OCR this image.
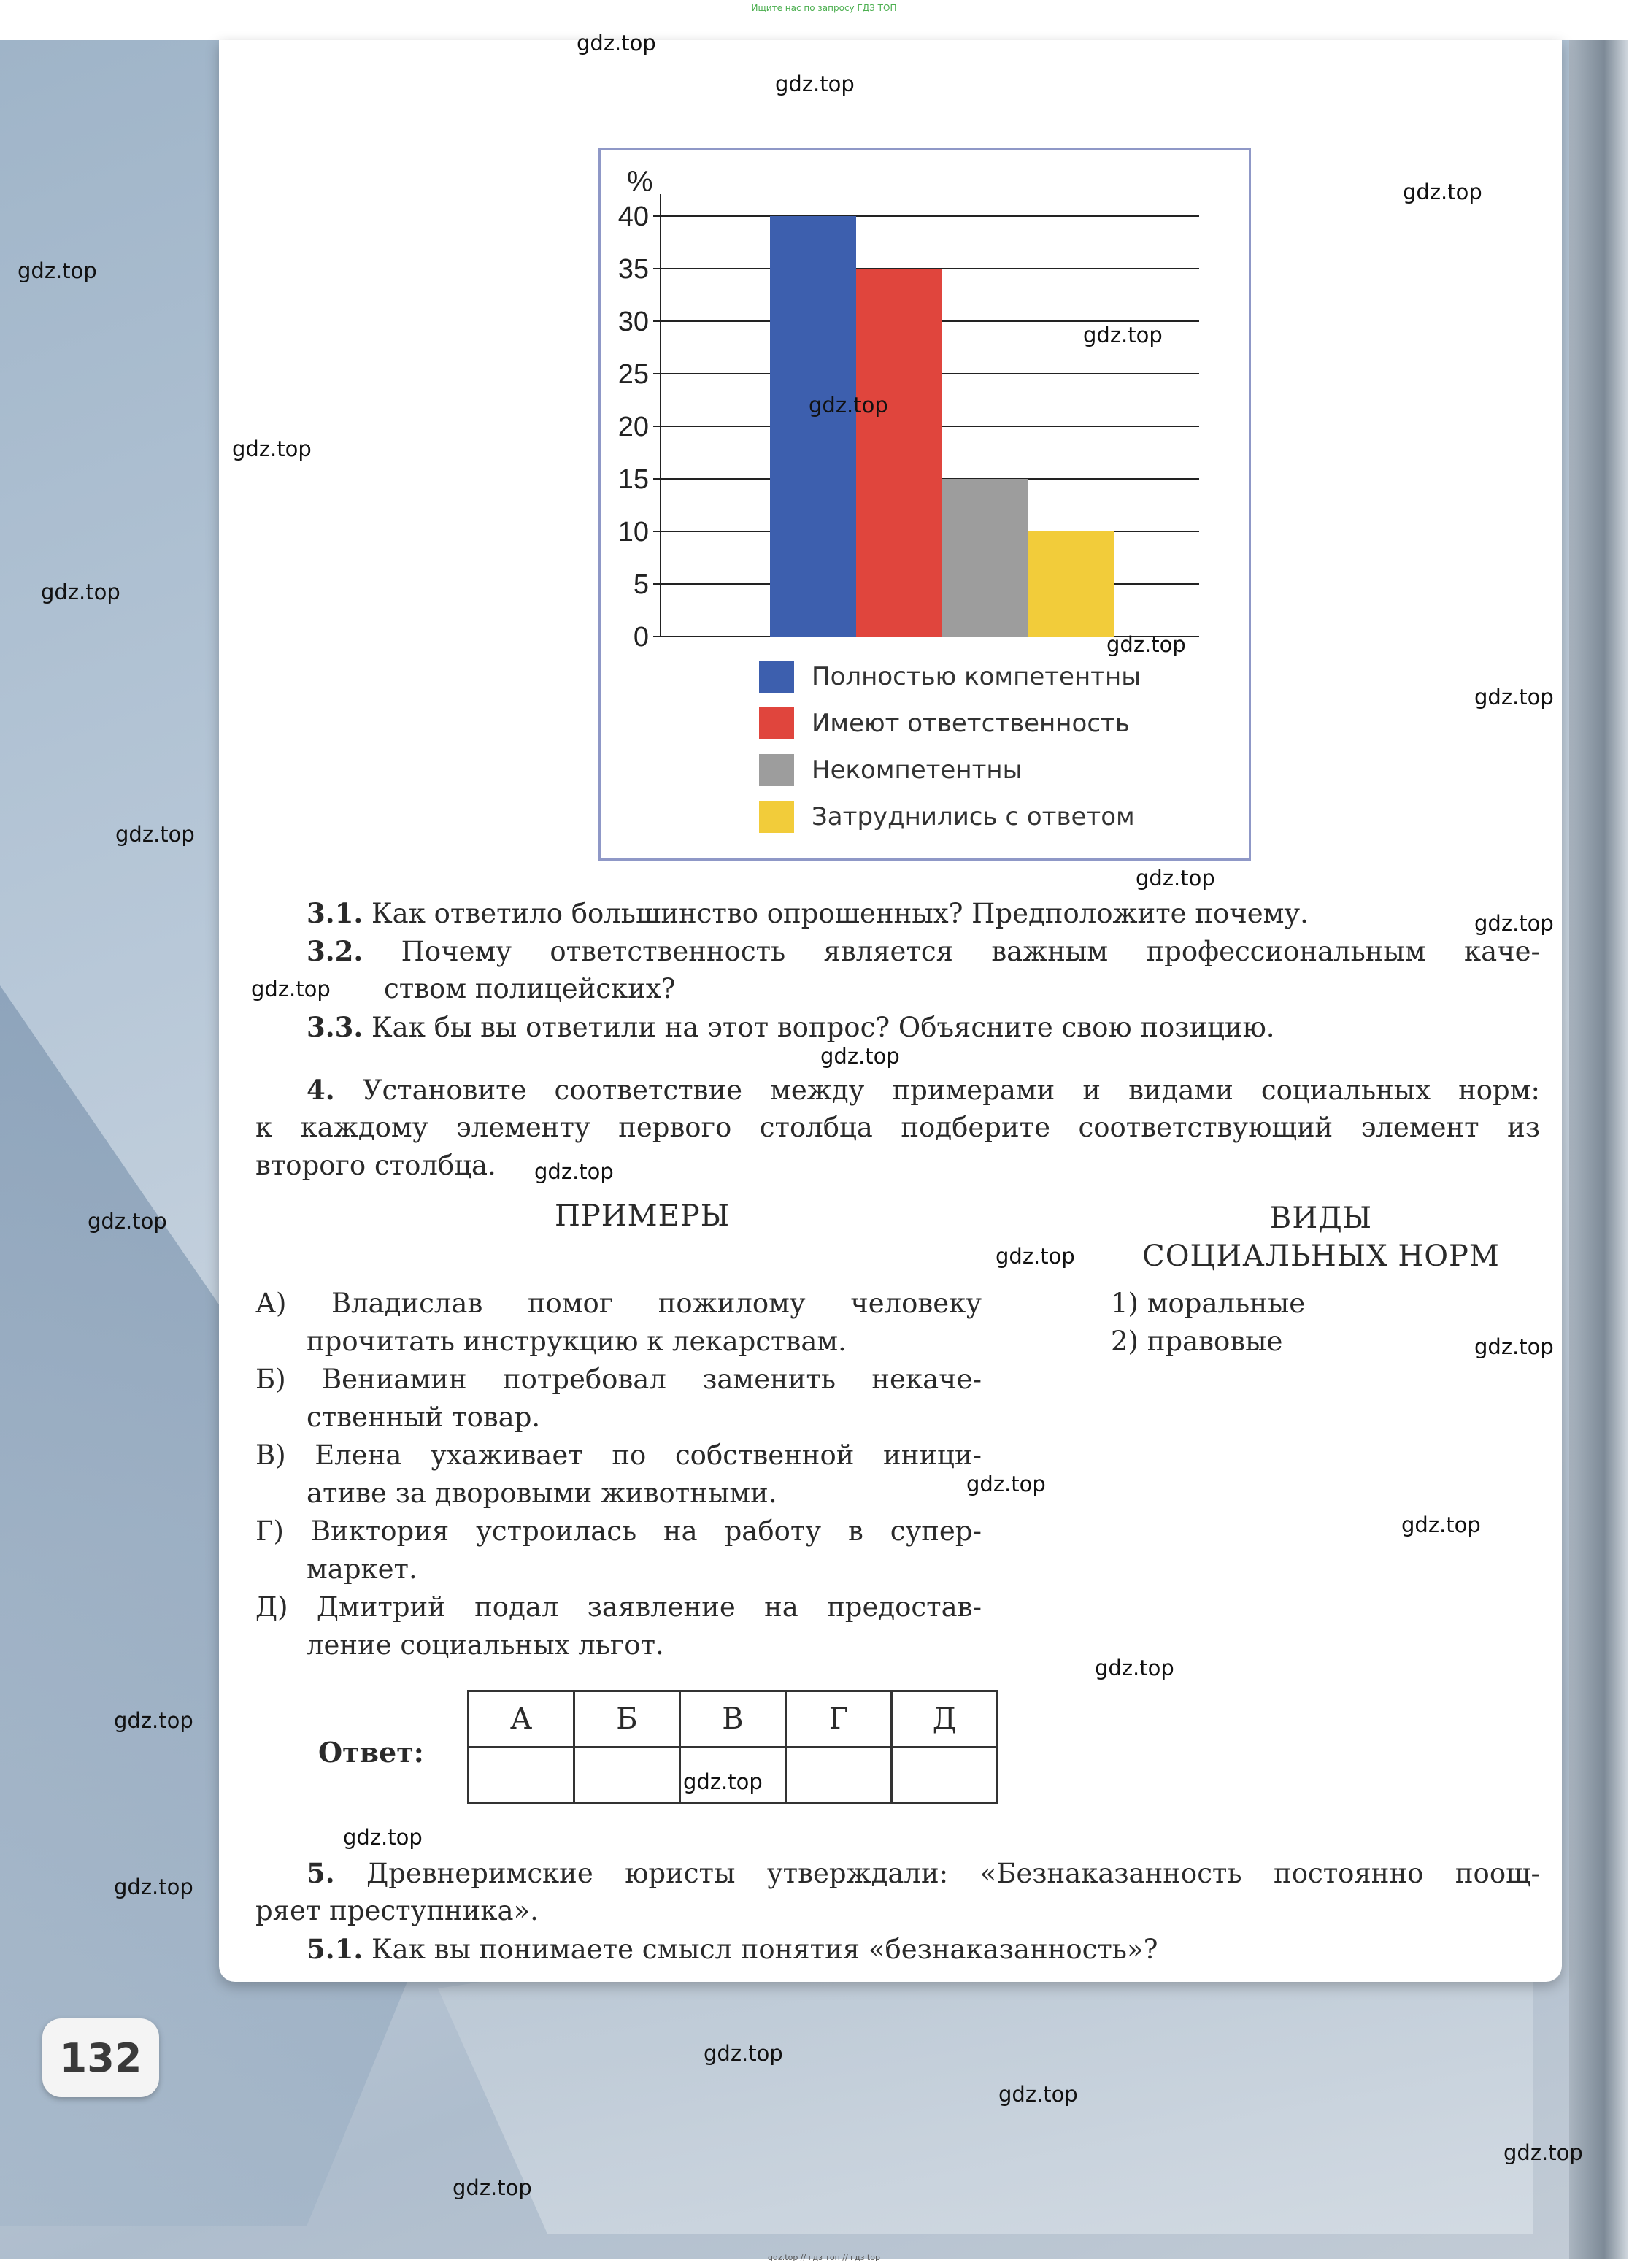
Ищите нас по запросу ГДЗ ТОП
0
5
10
15
20
25
30
35
40
%
Полностью компетентны
Имеют ответственность
Некомпетентны
Затруднились с ответом
3.1. Как ответило большинство опрошенных? Предположите почему.
3.2. Почему ответственность является важным профессиональным каче-
ством полицейских?
3.3. Как бы вы ответили на этот вопрос? Объясните свою позицию.
4. Установите соответствие между примерами и видами социальных норм:
к каждому элементу первого столбца подберите соответствующий элемент из
второго столбца.
ПРИМЕРЫ	ВИДЫ
СОЦИАЛЬНЫХ НОРМ
А) Владислав помог пожилому человеку
прочитать инструкцию к лекарствам.
Б) Вениамин потребовал заменить некаче-
ственный товар.
В) Елена ухаживает по собственной иници-
ативе за дворовыми животными.
Г) Виктория устроилась на работу в супер-
маркет.
Д) Дмитрий подал заявление на предостав-
ление социальных льгот.
1) моральные
2) правовые
Ответ:
А	Б	В	Г	Д

5. Древнеримские юристы утверждали: «Безнаказанность постоянно поощ-
ряет преступника».
5.1. Как вы понимаете смысл понятия «безнаказанность»?
132
gdz.top
gdz.top
gdz.top
gdz.top
gdz.top
gdz.top
gdz.top
gdz.top
gdz.top
gdz.top
gdz.top
gdz.top
gdz.top
gdz.top
gdz.top
gdz.top
gdz.top
gdz.top
gdz.top
gdz.top
gdz.top
gdz.top
gdz.top
gdz.top
gdz.top
gdz.top
gdz.top
gdz.top
gdz.top
gdz.top
gdz.top // гдз топ // гдз top
